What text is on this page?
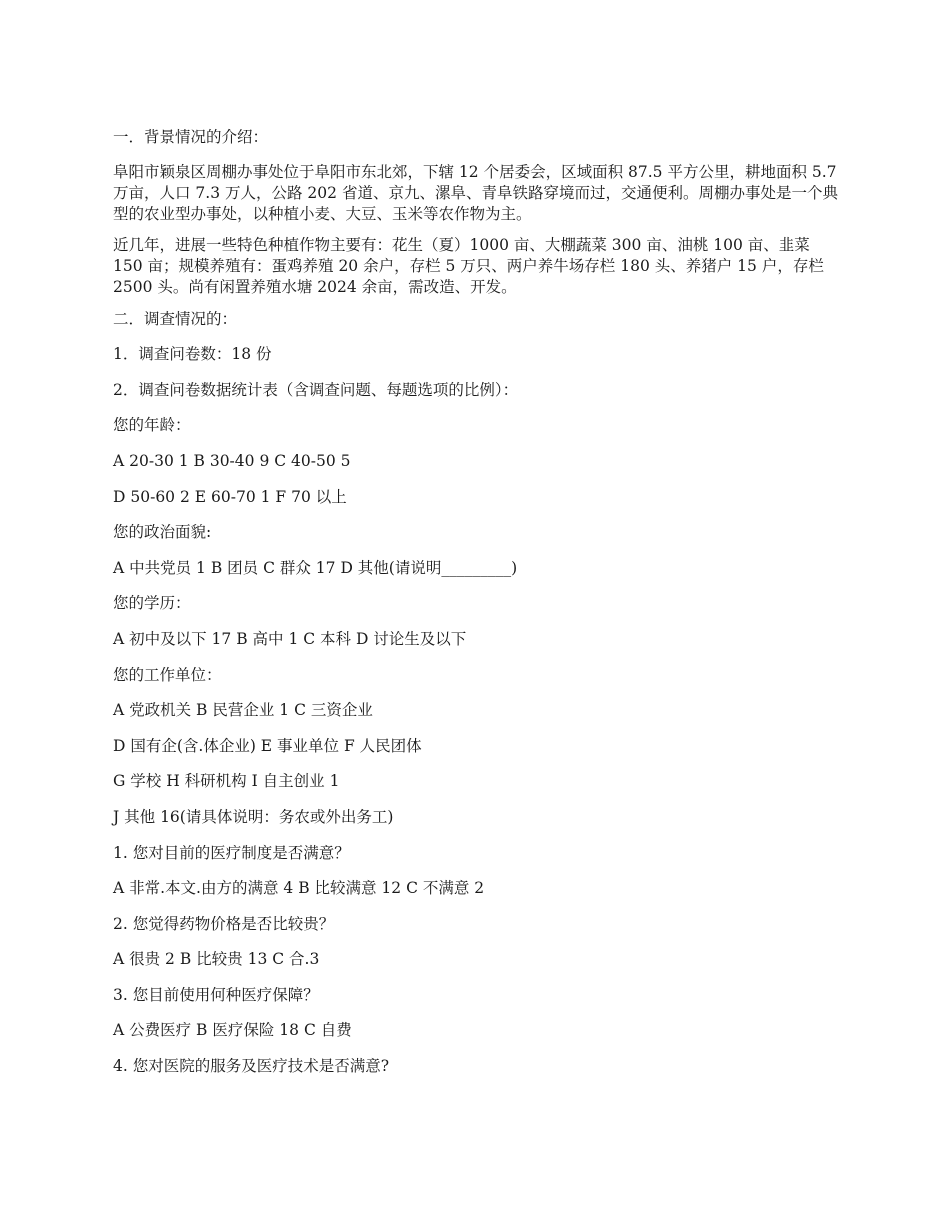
一．背景情况的介绍：

阜阳市颖泉区周棚办事处位于阜阳市东北郊，下辖 12 个居委会，区域面积 87.5 平方公里，耕地面积 5.7 万亩，人口 7.3 万人，公路 202 省道、京九、漯阜、青阜铁路穿境而过，交通便利。周棚办事处是一个典型的农业型办事处，以种植小麦、大豆、玉米等农作物为主。

近几年，进展一些特色种植作物主要有：花生（夏）1000 亩、大棚蔬菜 300 亩、油桃 100 亩、韭菜 150 亩；规模养殖有：蛋鸡养殖 20 余户，存栏 5 万只、两户养牛场存栏 180 头、养猪户 15 户，存栏 2500 头。尚有闲置养殖水塘 2024 余亩，需改造、开发。

二．调查情况的：

1．调查问卷数：18 份

2．调查问卷数据统计表（含调查问题、每题选项的比例）：

您的年龄：

A 20-30 1 B 30-40 9 C 40-50 5

D 50-60 2 E 60-70 1 F 70 以上

您的政治面貌:

A 中共党员 1 B 团员 C 群众 17 D 其他(请说明_________)

您的学历：

A 初中及以下 17 B 高中 1 C 本科 D 讨论生及以下

您的工作单位：

A 党政机关 B 民营企业 1 C 三资企业

D 国有企(含.体企业) E 事业单位 F 人民团体

G 学校 H 科研机构 I 自主创业 1

J 其他 16(请具体说明：务农或外出务工)

1. 您对目前的医疗制度是否满意？

A 非常.本文.由方的满意 4 B 比较满意 12 C 不满意 2

2. 您觉得药物价格是否比较贵？

A 很贵 2 B 比较贵 13 C 合.3

3. 您目前使用何种医疗保障？

A 公费医疗 B 医疗保险 18 C 自费

4. 您对医院的服务及医疗技术是否满意?
